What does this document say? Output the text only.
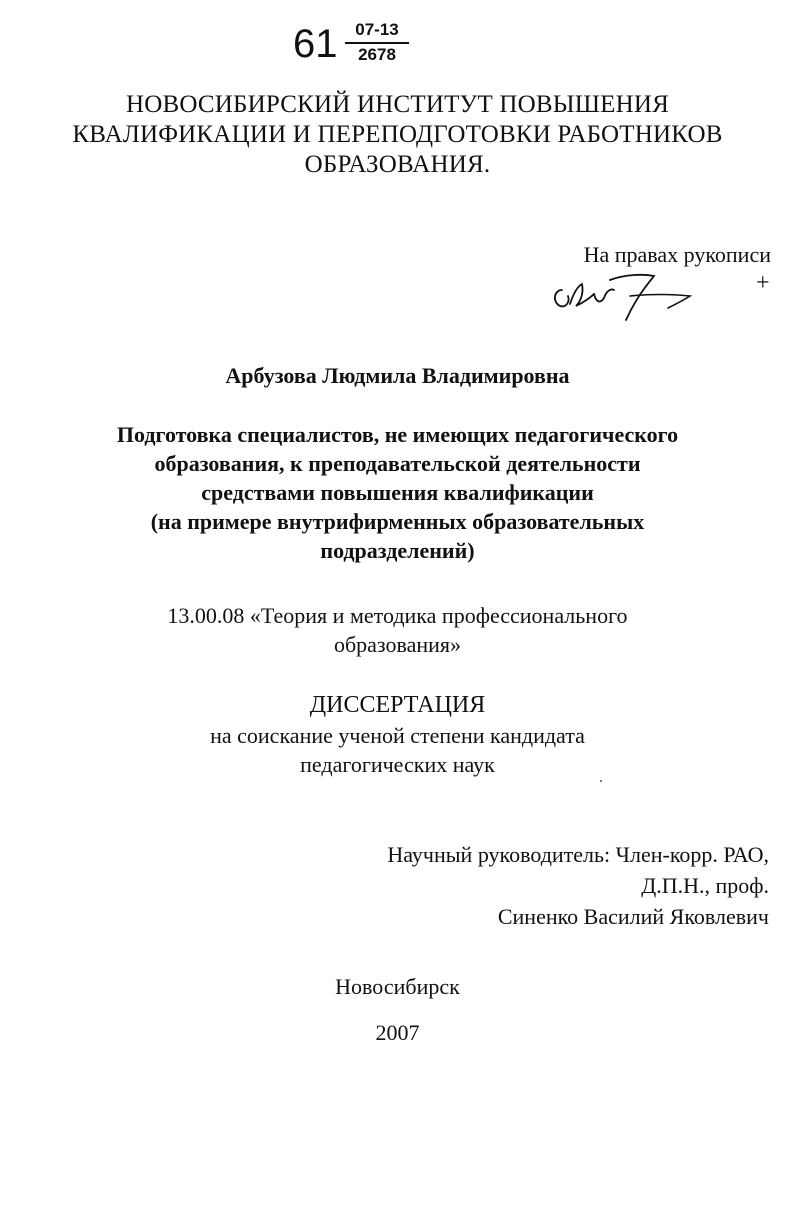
61	07-13
2678
НОВОСИБИРСКИЙ ИНСТИТУТ ПОВЫШЕНИЯ
КВАЛИФИКАЦИИ И ПЕРЕПОДГОТОВКИ РАБОТНИКОВ
ОБРАЗОВАНИЯ.
На правах рукописи
+
Арбузова Людмила Владимировна
Подготовка специалистов, не имеющих педагогического
образования, к преподавательской деятельности
средствами повышения квалификации
(на примере внутрифирменных образовательных
подразделений)
13.00.08 «Теория и методика профессионального
образования»
ДИССЕРТАЦИЯ
на соискание ученой степени кандидата
педагогических наук
Научный руководитель: Член-корр. РАО,
Д.П.Н., проф.
Синенко Василий Яковлевич
Новосибирск
2007
